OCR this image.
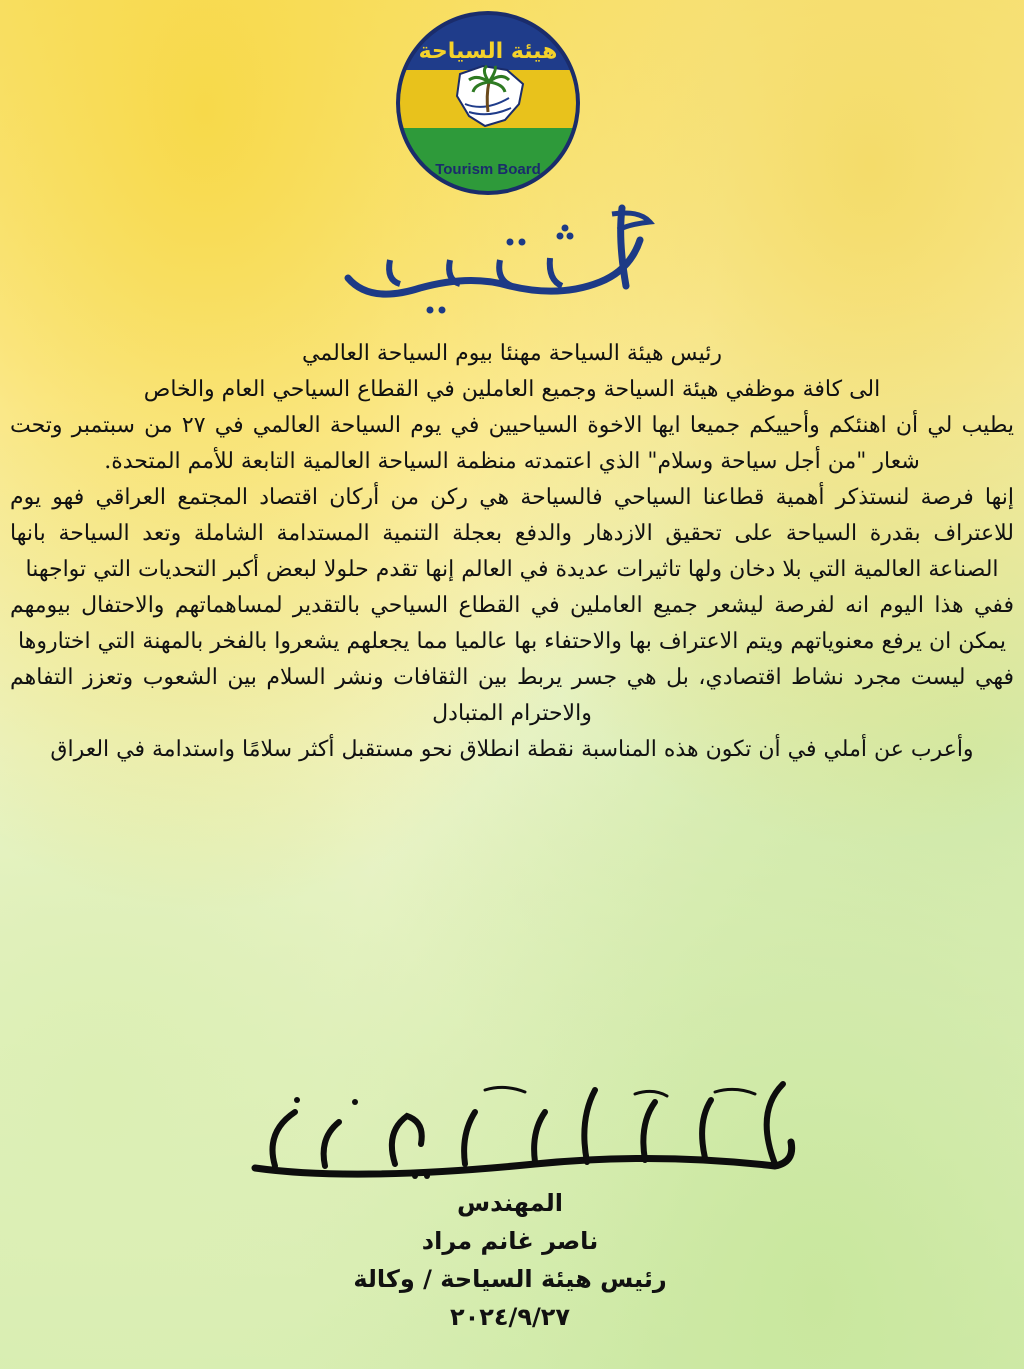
هيئة السياحة
Tourism Board

رئيس هيئة السياحة مهنئا بيوم السياحة العالمي

الى كافة موظفي هيئة السياحة وجميع العاملين في القطاع السياحي العام والخاص

يطيب لي أن اهنئكم وأحييكم جميعا ايها الاخوة السياحيين في يوم السياحة العالمي في ٢٧ من سبتمبر وتحت شعار "من أجل سياحة وسلام" الذي اعتمدته منظمة السياحة العالمية التابعة للأمم المتحدة.

إنها فرصة لنستذكر أهمية قطاعنا السياحي فالسياحة هي ركن من أركان اقتصاد المجتمع العراقي فهو يوم للاعتراف بقدرة السياحة على تحقيق الازدهار والدفع بعجلة التنمية المستدامة الشاملة وتعد السياحة بانها الصناعة العالمية التي بلا دخان ولها تاثيرات عديدة في العالم إنها تقدم حلولا لبعض أكبر التحديات التي تواجهنا

ففي هذا اليوم انه لفرصة ليشعر جميع العاملين في القطاع السياحي بالتقدير لمساهماتهم والاحتفال بيومهم يمكن ان يرفع معنوياتهم ويتم الاعتراف بها والاحتفاء بها عالميا مما يجعلهم يشعروا بالفخر بالمهنة التي اختاروها

فهي ليست مجرد نشاط اقتصادي، بل هي جسر يربط بين الثقافات ونشر السلام بين الشعوب وتعزز التفاهم والاحترام المتبادل

وأعرب عن أملي في أن تكون هذه المناسبة نقطة انطلاق نحو مستقبل أكثر سلامًا واستدامة في العراق

المهندس

ناصر غانم مراد

رئيس هيئة السياحة / وكالة

٢٠٢٤/٩/٢٧
